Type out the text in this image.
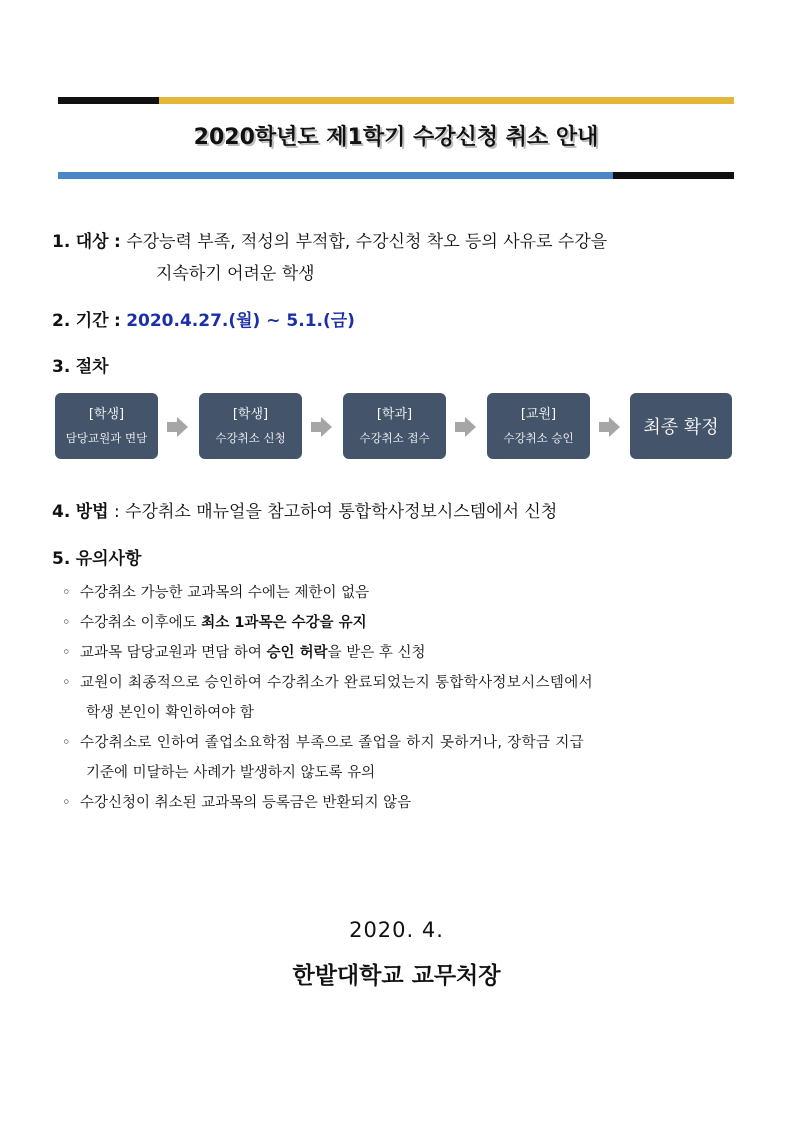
2020학년도 제1학기 수강신청 취소 안내
1. 대상 : 수강능력 부족, 적성의 부적합, 수강신청 착오 등의 사유로 수강을
지속하기 어려운 학생
2. 기간 : 2020.4.27.(월) ~ 5.1.(금)
3. 절차
[학생]
담당교원과 면담
[학생]
수강취소 신청
[학과]
수강취소 접수
[교원]
수강취소 승인	최종 확정
4. 방법 : 수강취소 매뉴얼을 참고하여 통합학사정보시스템에서 신청
5. 유의사항
◦ 수강취소 가능한 교과목의 수에는 제한이 없음
◦ 수강취소 이후에도 최소 1과목은 수강을 유지
◦ 교과목 담당교원과 면담 하여 승인 허락을 받은 후 신청
◦ 교원이 최종적으로 승인하여 수강취소가 완료되었는지 통합학사정보시스템에서
학생 본인이 확인하여야 함
◦ 수강취소로 인하여 졸업소요학점 부족으로 졸업을 하지 못하거나, 장학금 지급
기준에 미달하는 사례가 발생하지 않도록 유의
◦ 수강신청이 취소된 교과목의 등록금은 반환되지 않음
2020. 4.
한밭대학교 교무처장
